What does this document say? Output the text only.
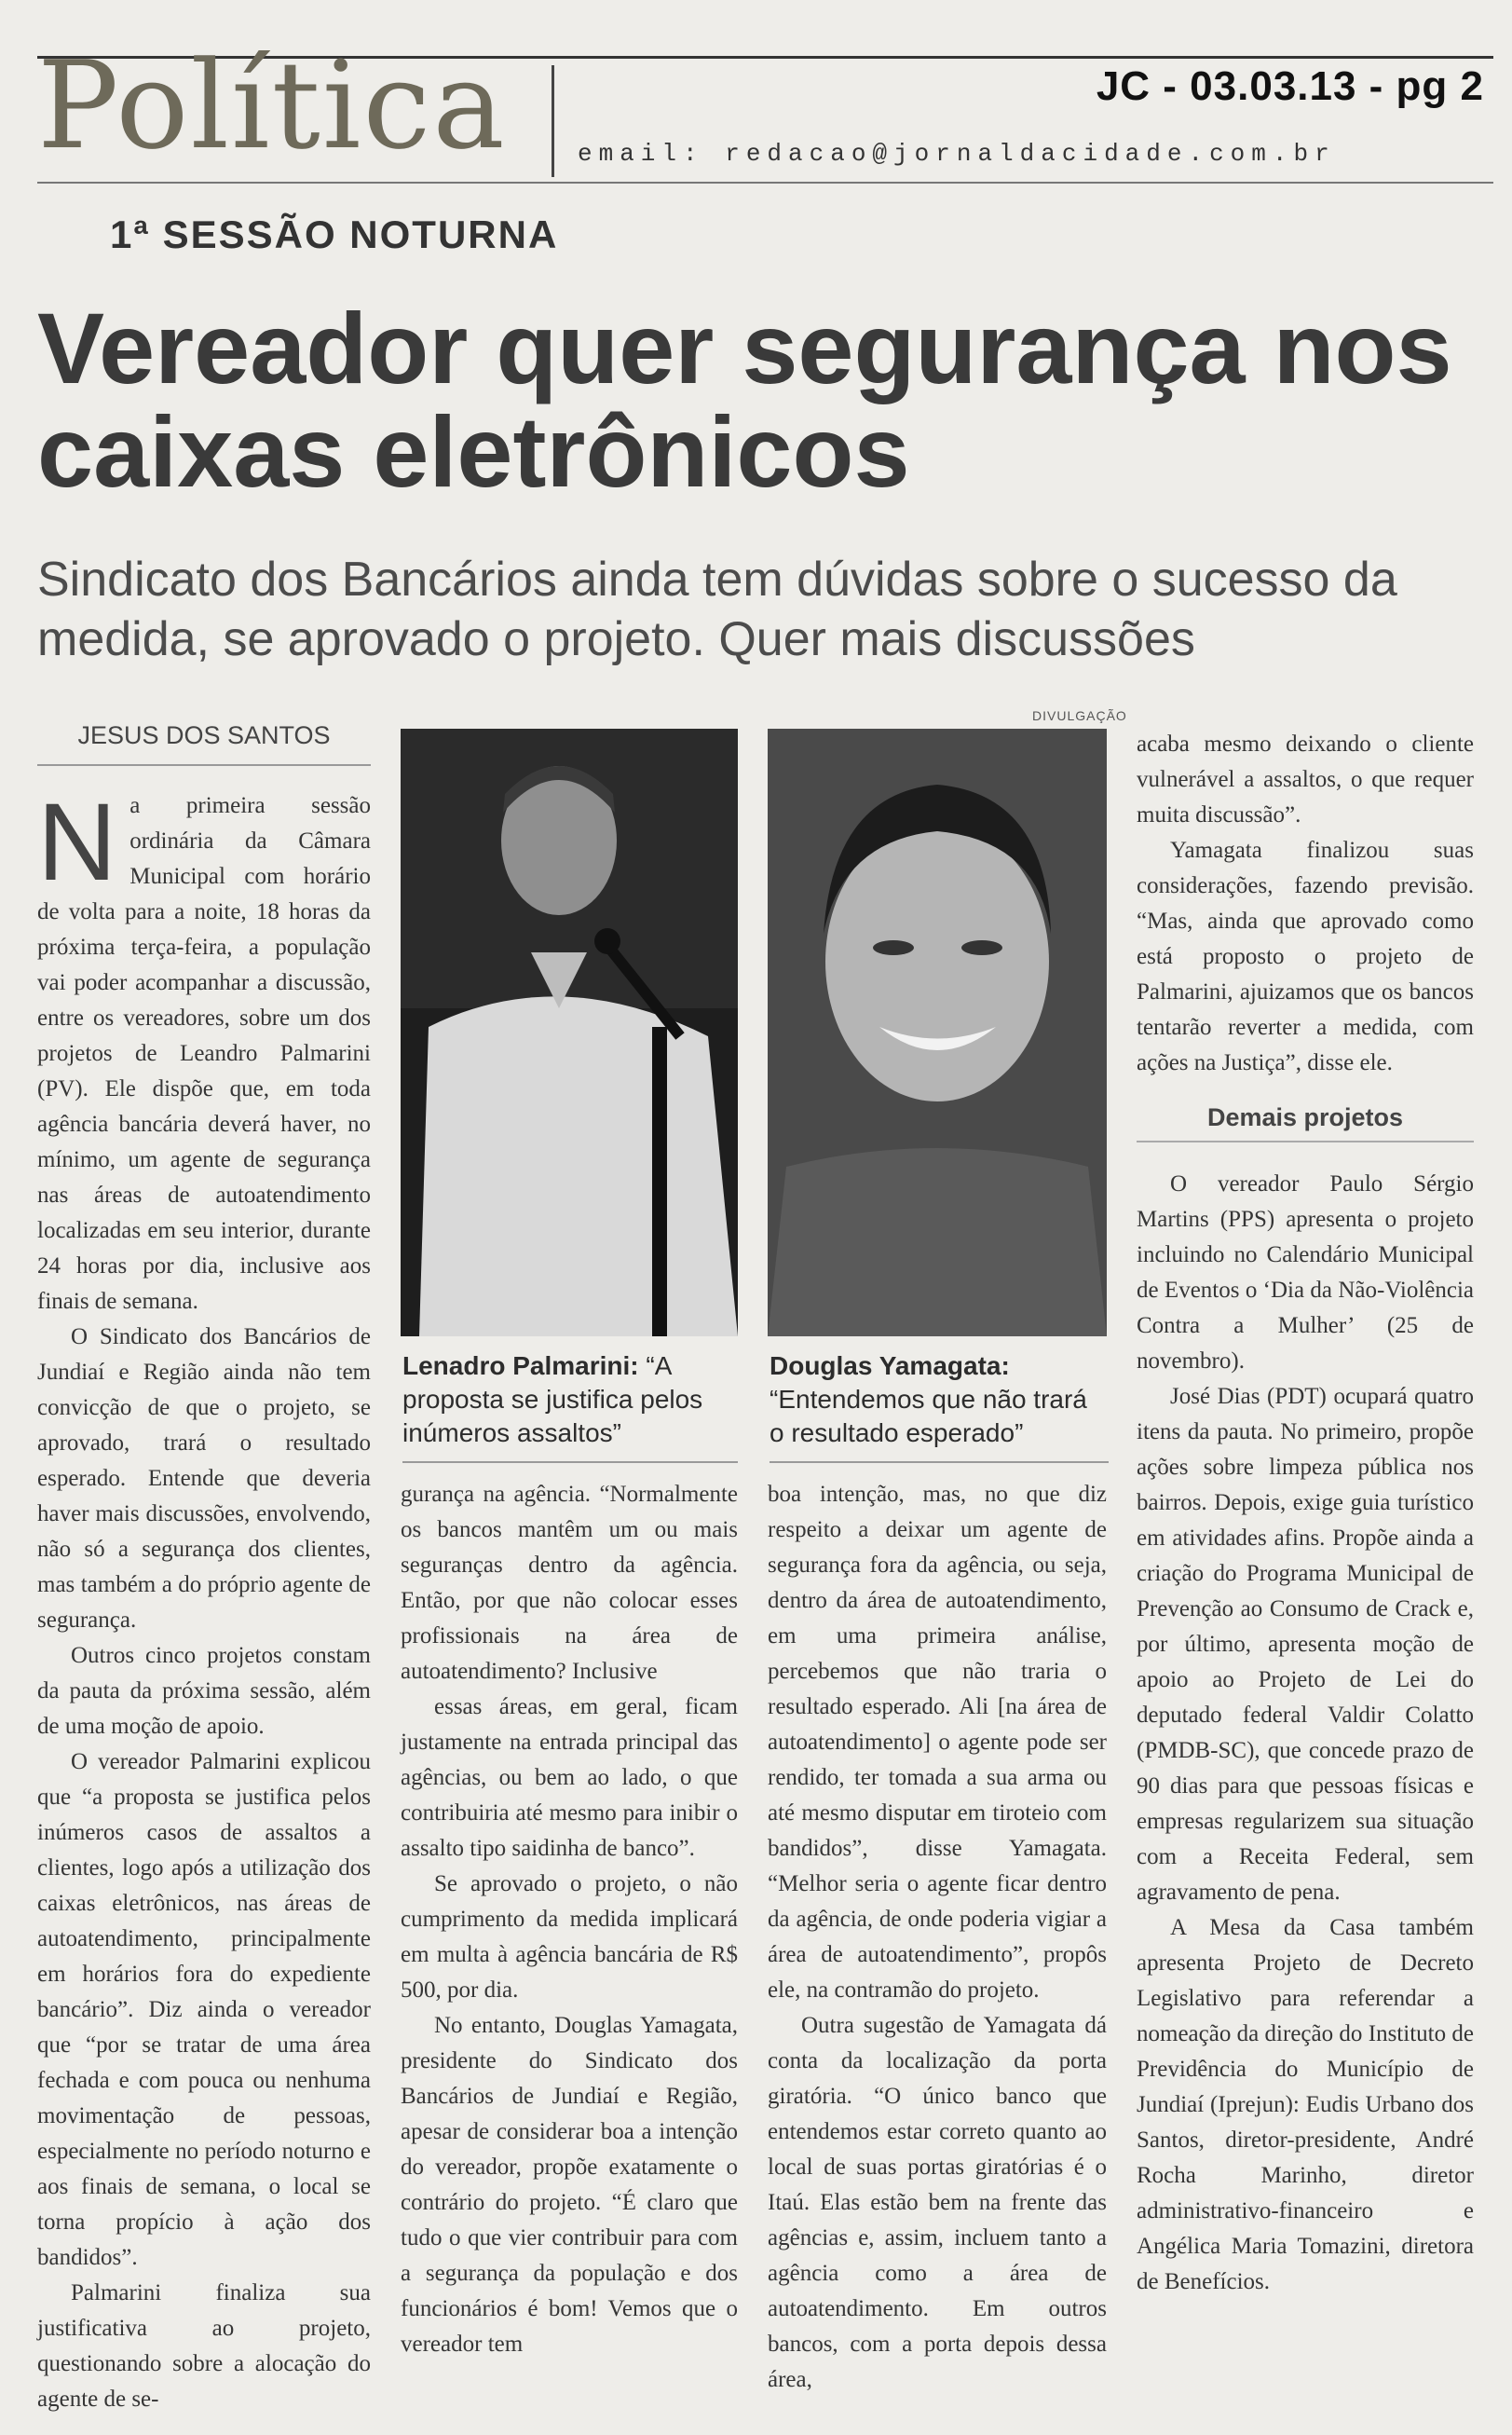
Política	JC - 03.03.13 - pg 2
email: redacao@jornaldacidade.com.br
1ª SESSÃO NOTURNA
Vereador quer segurança nos caixas eletrônicos

Sindicato dos Bancários ainda tem dúvidas sobre o sucesso da medida, se aprovado o projeto. Quer mais discussões

JESUS DOS SANTOS

Na primeira sessão ordinária da Câmara Municipal com horário de volta para a noite, 18 horas da próxima terça-feira, a população vai poder acompanhar a discussão, entre os vereadores, sobre um dos projetos de Leandro Palmarini (PV). Ele dispõe que, em toda agência bancária deverá haver, no mínimo, um agente de segurança nas áreas de autoatendimento localizadas em seu interior, durante 24 horas por dia, inclusive aos finais de semana.

O Sindicato dos Bancários de Jundiaí e Região ainda não tem convicção de que o projeto, se aprovado, trará o resultado esperado. Entende que deveria haver mais discussões, envolvendo, não só a segurança dos clientes, mas também a do próprio agente de segurança.

Outros cinco projetos constam da pauta da próxima sessão, além de uma moção de apoio.

O vereador Palmarini explicou que “a proposta se justifica pelos inúmeros casos de assaltos a clientes, logo após a utilização dos caixas eletrônicos, nas áreas de autoatendimento, principalmente em horários fora do expediente bancário”. Diz ainda o vereador que “por se tratar de uma área fechada e com pouca ou nenhuma movimentação de pessoas, especialmente no período noturno e aos finais de semana, o local se torna propício à ação dos bandidos”.

Palmarini finaliza sua justificativa ao projeto, questionando sobre a alocação do agente de se-

DIVULGAÇÃO
Lenadro Palmarini: “A proposta se justifica pelos inúmeros assaltos”
Douglas Yamagata: “Entendemos que não trará o resultado esperado”

gurança na agência. “Normalmente os bancos mantêm um ou mais seguranças dentro da agência. Então, por que não colocar esses profissionais na área de autoatendimento? Inclusive

essas áreas, em geral, ficam justamente na entrada principal das agências, ou bem ao lado, o que contribuiria até mesmo para inibir o assalto tipo saidinha de banco”.

Se aprovado o projeto, o não cumprimento da medida implicará em multa à agência bancária de R$ 500, por dia.

No entanto, Douglas Yamagata, presidente do Sindicato dos Bancários de Jundiaí e Região, apesar de considerar boa a intenção do vereador, propõe exatamente o contrário do projeto. “É claro que tudo o que vier contribuir para com a segurança da população e dos funcionários é bom! Vemos que o vereador tem

boa intenção, mas, no que diz respeito a deixar um agente de segurança fora da agência, ou seja, dentro da área de autoatendimento, em uma primeira análise, percebemos que não traria o resultado esperado. Ali [na área de autoatendimento] o agente pode ser rendido, ter tomada a sua arma ou até mesmo disputar em tiroteio com bandidos”, disse Yamagata. “Melhor seria o agente ficar dentro da agência, de onde poderia vigiar a área de autoatendimento”, propôs ele, na contramão do projeto.

Outra sugestão de Yamagata dá conta da localização da porta giratória. “O único banco que entendemos estar correto quanto ao local de suas portas giratórias é o Itaú. Elas estão bem na frente das agências e, assim, incluem tanto a agência como a área de autoatendimento. Em outros bancos, com a porta depois dessa área,

acaba mesmo deixando o cliente vulnerável a assaltos, o que requer muita discussão”.

Yamagata finalizou suas considerações, fazendo previsão. “Mas, ainda que aprovado como está proposto o projeto de Palmarini, ajuizamos que os bancos tentarão reverter a medida, com ações na Justiça”, disse ele.

Demais projetos

O vereador Paulo Sérgio Martins (PPS) apresenta o projeto incluindo no Calendário Municipal de Eventos o ‘Dia da Não-Violência Contra a Mulher’ (25 de novembro).

José Dias (PDT) ocupará quatro itens da pauta. No primeiro, propõe ações sobre limpeza pública nos bairros. Depois, exige guia turístico em atividades afins. Propõe ainda a criação do Programa Municipal de Prevenção ao Consumo de Crack e, por último, apresenta moção de apoio ao Projeto de Lei do deputado federal Valdir Colatto (PMDB-SC), que concede prazo de 90 dias para que pessoas físicas e empresas regularizem sua situação com a Receita Federal, sem agravamento de pena.

A Mesa da Casa também apresenta Projeto de Decreto Legislativo para referendar a nomeação da direção do Instituto de Previdência do Município de Jundiaí (Iprejun): Eudis Urbano dos Santos, diretor-presidente, André Rocha Marinho, diretor administrativo-financeiro e Angélica Maria Tomazini, diretora de Benefícios.
